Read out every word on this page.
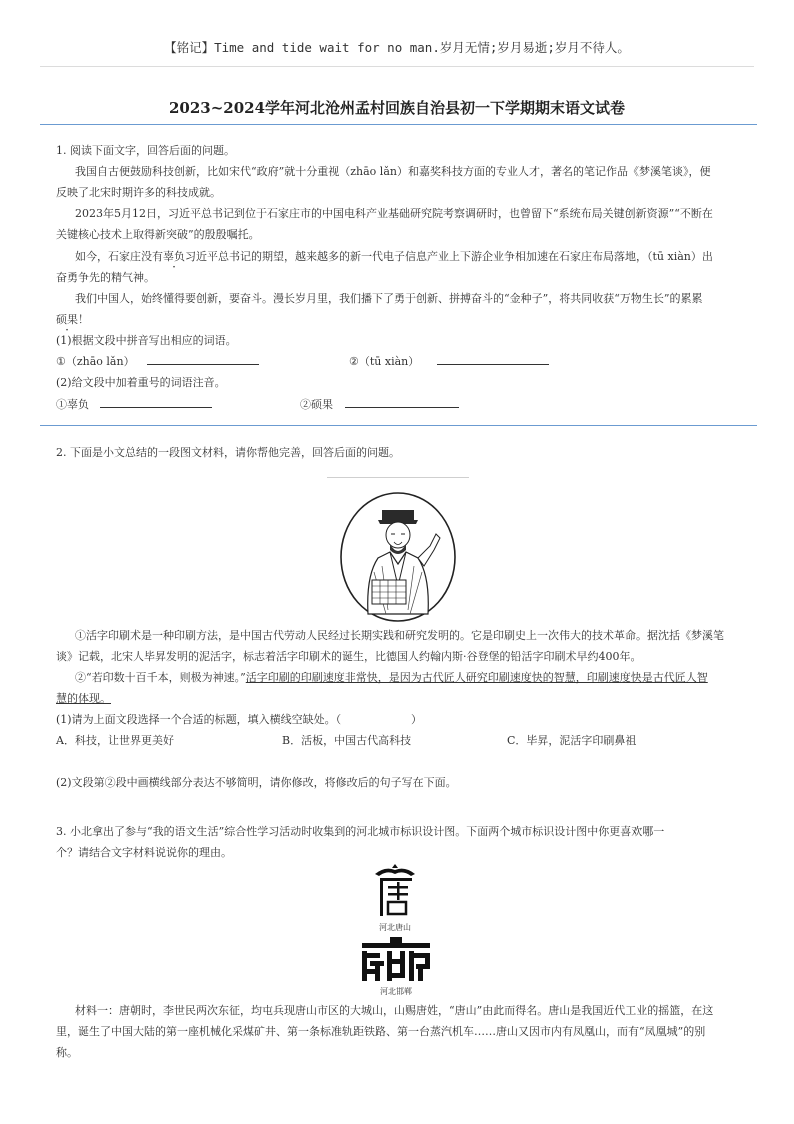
【铭记】Time and tide wait for no man.岁月无情;岁月易逝;岁月不待人。
2023~2024学年河北沧州孟村回族自治县初一下学期期末语文试卷
1. 阅读下面文字，回答后面的问题。
我国自古便鼓励科技创新，比如宋代“政府”就十分重视（zhāo lǎn）和嘉奖科技方面的专业人才，著名的笔记作品《梦溪笔谈》，便
反映了北宋时期许多的科技成就。
2023年5月12日，习近平总书记到位于石家庄市的中国电科产业基础研究院考察调研时，也曾留下“系统布局关键创新资源”“不断在
关键核心技术上取得新突破”的殷殷嘱托。
如今，石家庄没有辜负习近平总书记的期望，越来越多的新一代电子信息产业上下游企业争相加速在石家庄布局落地，（tū xiàn）出
奋勇争先的精气神。
我们中国人，始终懂得要创新，要奋斗。漫长岁月里，我们播下了勇于创新、拼搏奋斗的“金种子”，将共同收获“万物生长”的累累
硕果！
(1)根据文段中拼音写出相应的词语。
①（zhāo lǎn）	②（tū xiàn）
(2)给文段中加着重号的词语注音。
①辜负	②硕果
2. 下面是小文总结的一段图文材料，请你帮他完善，回答后面的问题。
①活字印刷术是一种印刷方法，是中国古代劳动人民经过长期实践和研究发明的。它是印刷史上一次伟大的技术革命。据沈括《梦溪笔
谈》记载，北宋人毕昇发明的泥活字，标志着活字印刷术的诞生，比德国人约翰内斯·谷登堡的铅活字印刷术早约400年。
②“若印数十百千本，则极为神速。”活字印刷的印刷速度非常快，是因为古代匠人研究印刷速度快的智慧，印刷速度快是古代匠人智
慧的体现。
(1)请为上面文段选择一个合适的标题，填入横线空缺处。（	）
A．科技，让世界更美好	B．活板，中国古代高科技	C．毕昇，泥活字印刷鼻祖
(2)文段第②段中画横线部分表达不够简明，请你修改，将修改后的句子写在下面。
3. 小北拿出了参与“我的语文生活”综合性学习活动时收集到的河北城市标识设计图。下面两个城市标识设计图中你更喜欢哪一
个？请结合文字材料说说你的理由。
河北唐山
河北邯郸
材料一：唐朝时，李世民两次东征，均屯兵现唐山市区的大城山，山赐唐姓，“唐山”由此而得名。唐山是我国近代工业的摇篮，在这
里，诞生了中国大陆的第一座机械化采煤矿井、第一条标准轨距铁路、第一台蒸汽机车……唐山又因市内有凤凰山，而有“凤凰城”的别
称。
